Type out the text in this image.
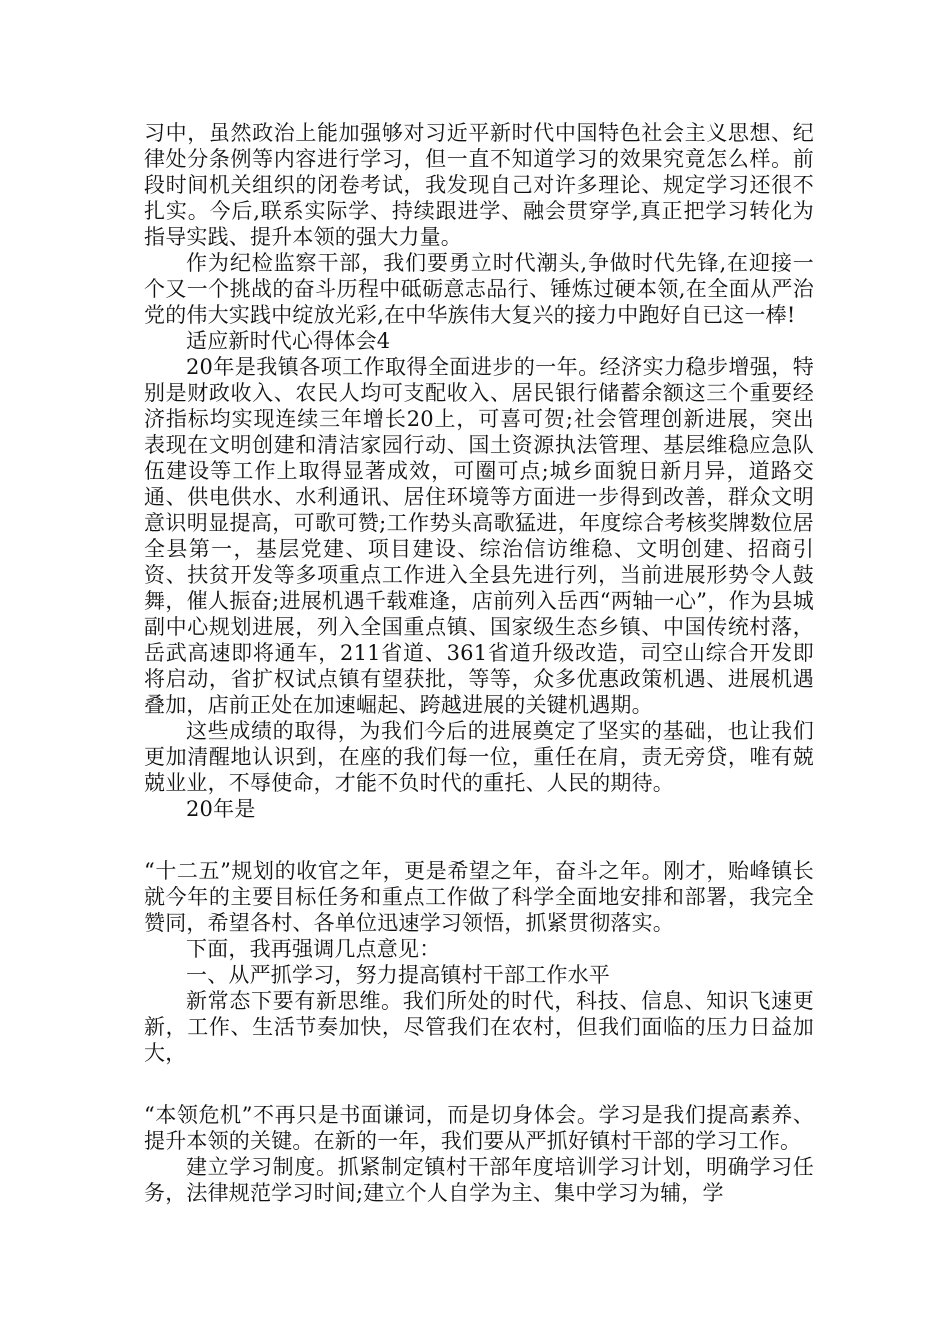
习中，虽然政治上能加强够对习近平新时代中国特色社会主义思想、纪律处分条例等内容进行学习，但一直不知道学习的效果究竟怎么样。前段时间机关组织的闭卷考试，我发现自己对许多理论、规定学习还很不扎实。今后,联系实际学、持续跟进学、融会贯穿学,真正把学习转化为指导实践、提升本领的强大力量。

作为纪检监察干部，我们要勇立时代潮头,争做时代先锋,在迎接一个又一个挑战的奋斗历程中砥砺意志品行、锤炼过硬本领,在全面从严治党的伟大实践中绽放光彩,在中华族伟大复兴的接力中跑好自已这一棒!

适应新时代心得体会4

20年是我镇各项工作取得全面进步的一年。经济实力稳步增强，特别是财政收入、农民人均可支配收入、居民银行储蓄余额这三个重要经济指标均实现连续三年增长20上，可喜可贺;社会管理创新进展，突出表现在文明创建和清洁家园行动、国土资源执法管理、基层维稳应急队伍建设等工作上取得显著成效，可圈可点;城乡面貌日新月异，道路交通、供电供水、水利通讯、居住环境等方面进一步得到改善，群众文明意识明显提高，可歌可赞;工作势头高歌猛进，年度综合考核奖牌数位居全县第一，基层党建、项目建设、综治信访维稳、文明创建、招商引资、扶贫开发等多项重点工作进入全县先进行列，当前进展形势令人鼓舞，催人振奋;进展机遇千载难逢，店前列入岳西“两轴一心”，作为县城副中心规划进展，列入全国重点镇、国家级生态乡镇、中国传统村落，岳武高速即将通车，211省道、361省道升级改造，司空山综合开发即将启动，省扩权试点镇有望获批，等等，众多优惠政策机遇、进展机遇叠加，店前正处在加速崛起、跨越进展的关键机遇期。

这些成绩的取得，为我们今后的进展奠定了坚实的基础，也让我们更加清醒地认识到，在座的我们每一位，重任在肩，责无旁贷，唯有兢兢业业，不辱使命，才能不负时代的重托、人民的期待。

20年是

“十二五”规划的收官之年，更是希望之年，奋斗之年。刚才，贻峰镇长就今年的主要目标任务和重点工作做了科学全面地安排和部署，我完全赞同，希望各村、各单位迅速学习领悟，抓紧贯彻落实。

下面，我再强调几点意见：

一、从严抓学习，努力提高镇村干部工作水平

新常态下要有新思维。我们所处的时代，科技、信息、知识飞速更新，工作、生活节奏加快，尽管我们在农村，但我们面临的压力日益加大，

“本领危机”不再只是书面谦词，而是切身体会。学习是我们提高素养、提升本领的关键。在新的一年，我们要从严抓好镇村干部的学习工作。

建立学习制度。抓紧制定镇村干部年度培训学习计划，明确学习任务，法律规范学习时间;建立个人自学为主、集中学习为辅，学
